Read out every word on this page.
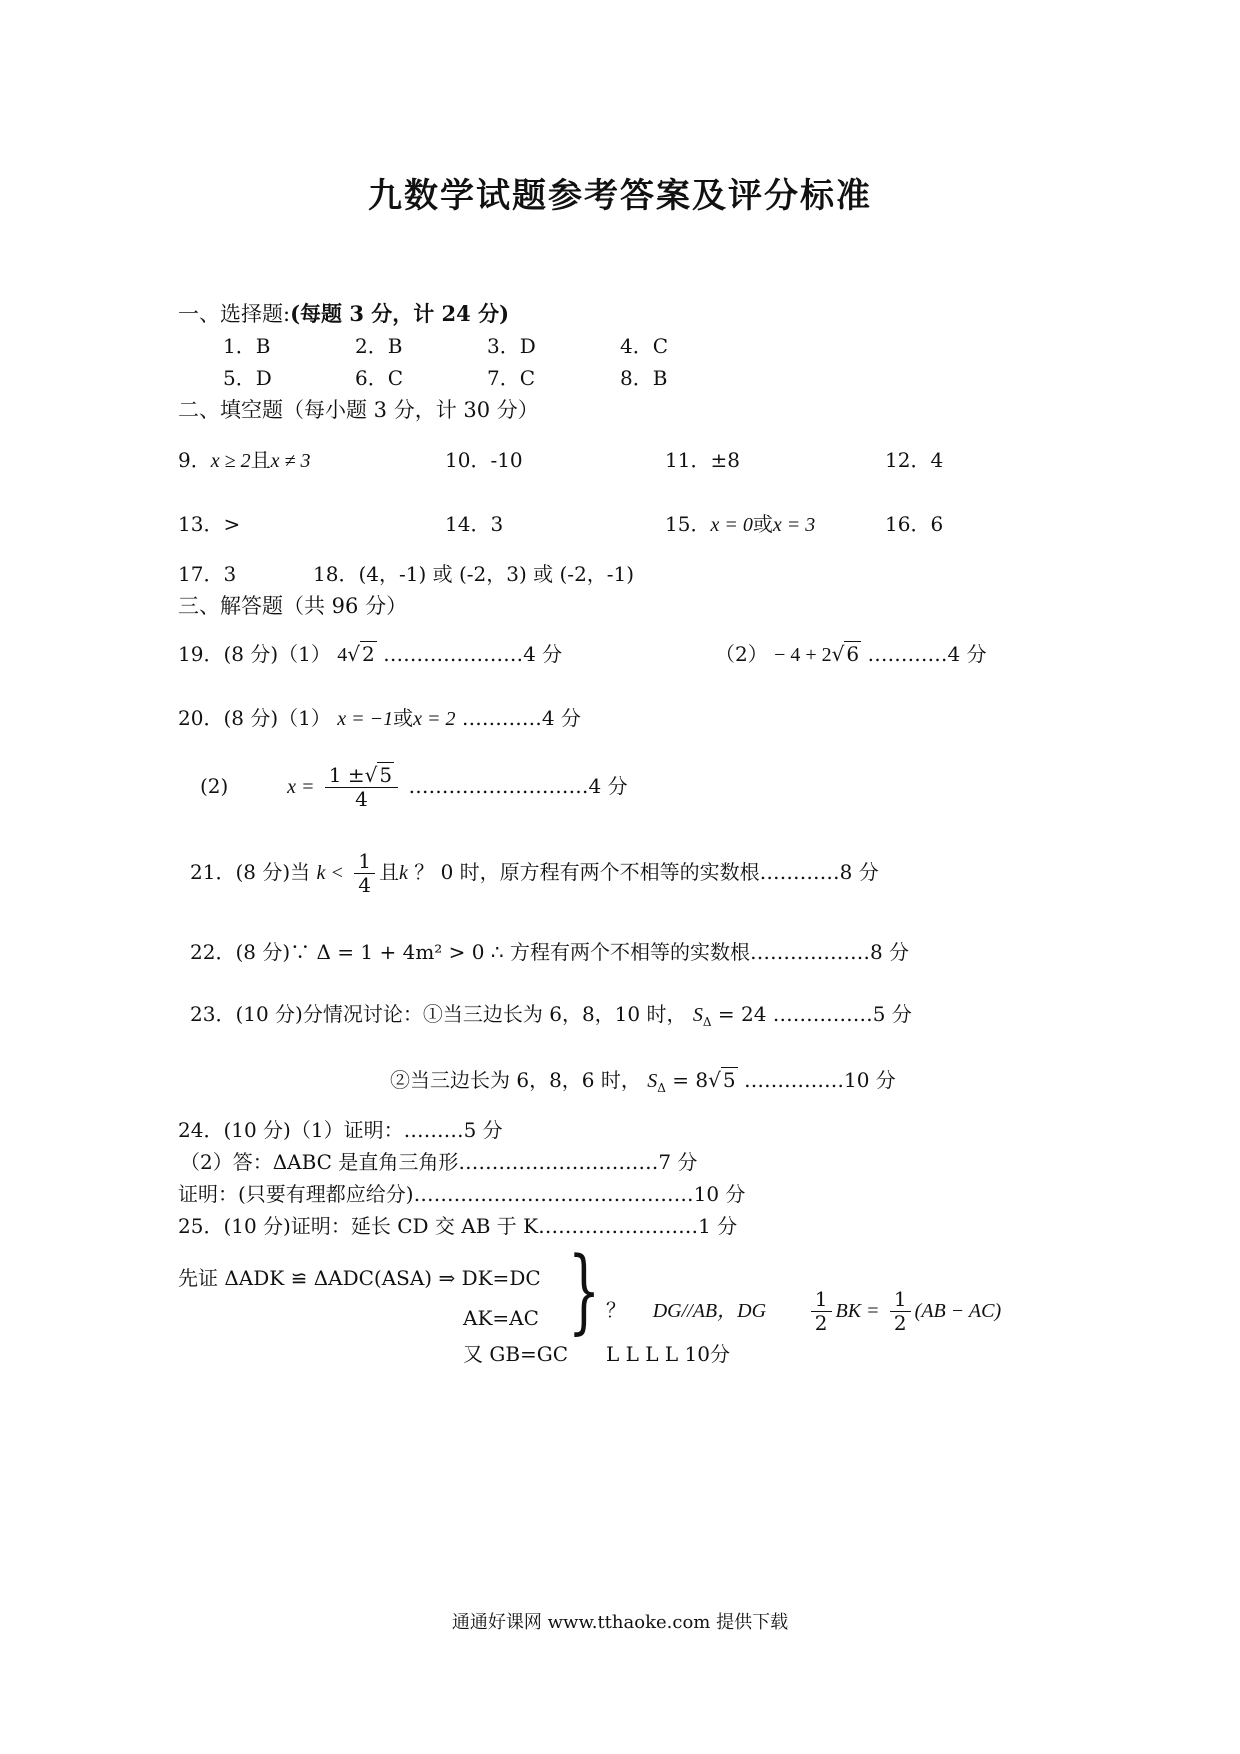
九数学试题参考答案及评分标准
一、选择题:(每题 3 分，计 24 分)
1．B	2．B	3．D	4．C
5．D	6．C	7．C	8．B
二、填空题（每小题 3 分，计 30 分）
9．x ≥ 2且x ≠ 3	10．-10	11．±8	12．4
13．>	14．3	15．x = 0或x = 3	16．6
17．3	18．(4，-1) 或 (-2，3) 或 (-2，-1)
三、解答题（共 96 分）
19．(8 分)（1） 4√ 2 …………………4 分	（2） − 4 + 2√ 6 …………4 分
20．(8 分)（1） x = −1或x = 2 …………4 分
(2)	$x = \frac{1 \pm√ 5}{4}$ ………………………4 分
21．(8 分)当 $k < \frac{1}{4}$ 且k ？ 0 时，原方程有两个不相等的实数根…………8 分
22．(8 分)∵ Δ = 1 + 4m² > 0 ∴ 方程有两个不相等的实数根………………8 分
23．(10 分)分情况讨论：①当三边长为 6，8，10 时， $S_\Delta = 24$ ……………5 分
②当三边长为 6，8，6 时， $S_\Delta = 8√$ 5 ……………10 分
24．(10 分)（1）证明：………5 分
（2）答：ΔABC 是直角三角形…………………………7 分
证明：(只要有理都应给分)……………………………………10 分
25．(10 分)证明：延长 CD 交 AB 于 K……………………1 分
先证 ΔADK ≌ ΔADC(ASA) ⇒ DK=DC
AK=AC
又 GB=GC
} ？ DG//AB，DG $\frac{1}{2}$ BK = $\frac{1}{2} (AB - AC)$
L L L L 10分
通通好课网 www.tthaoke.com 提供下载
